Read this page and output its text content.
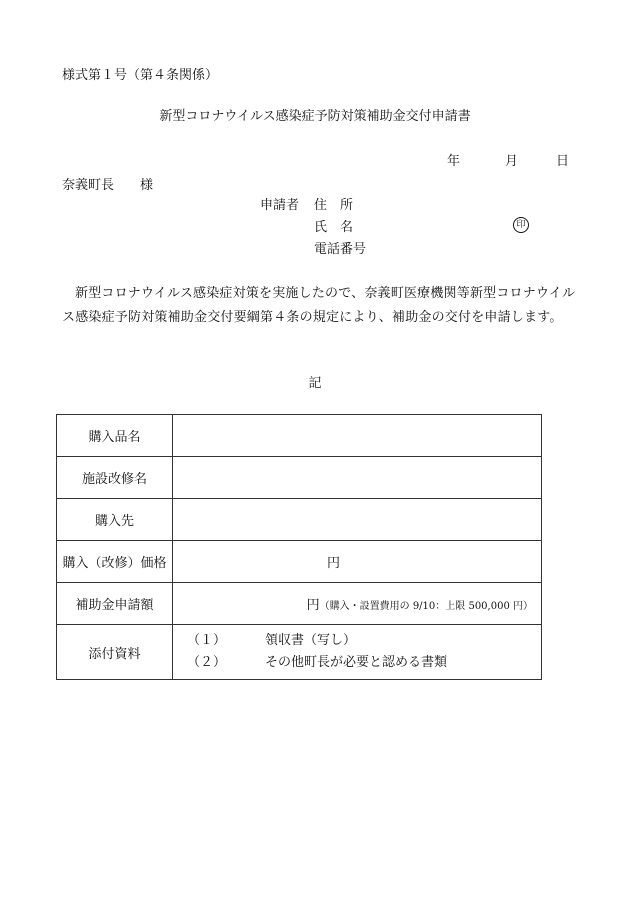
様式第１号（第４条関係）
新型コロナウイルス感染症予防対策補助金交付申請書
年	月	日
奈義町長　　様
申請者	住　所
氏　名
電話番号
印
新型コロナウイルス感染症対策を実施したので、奈義町医療機関等新型コロナウイルス感染症予防対策補助金交付要綱第４条の規定により、補助金の交付を申請します。
記
購入品名	
施設改修名	
購入先	
購入（改修）価格	円
補助金申請額	円（購入・設置費用の 9/10：上限 500,000 円）
添付資料	（１） 領収書（写し）
（２） その他町長が必要と認める書類
